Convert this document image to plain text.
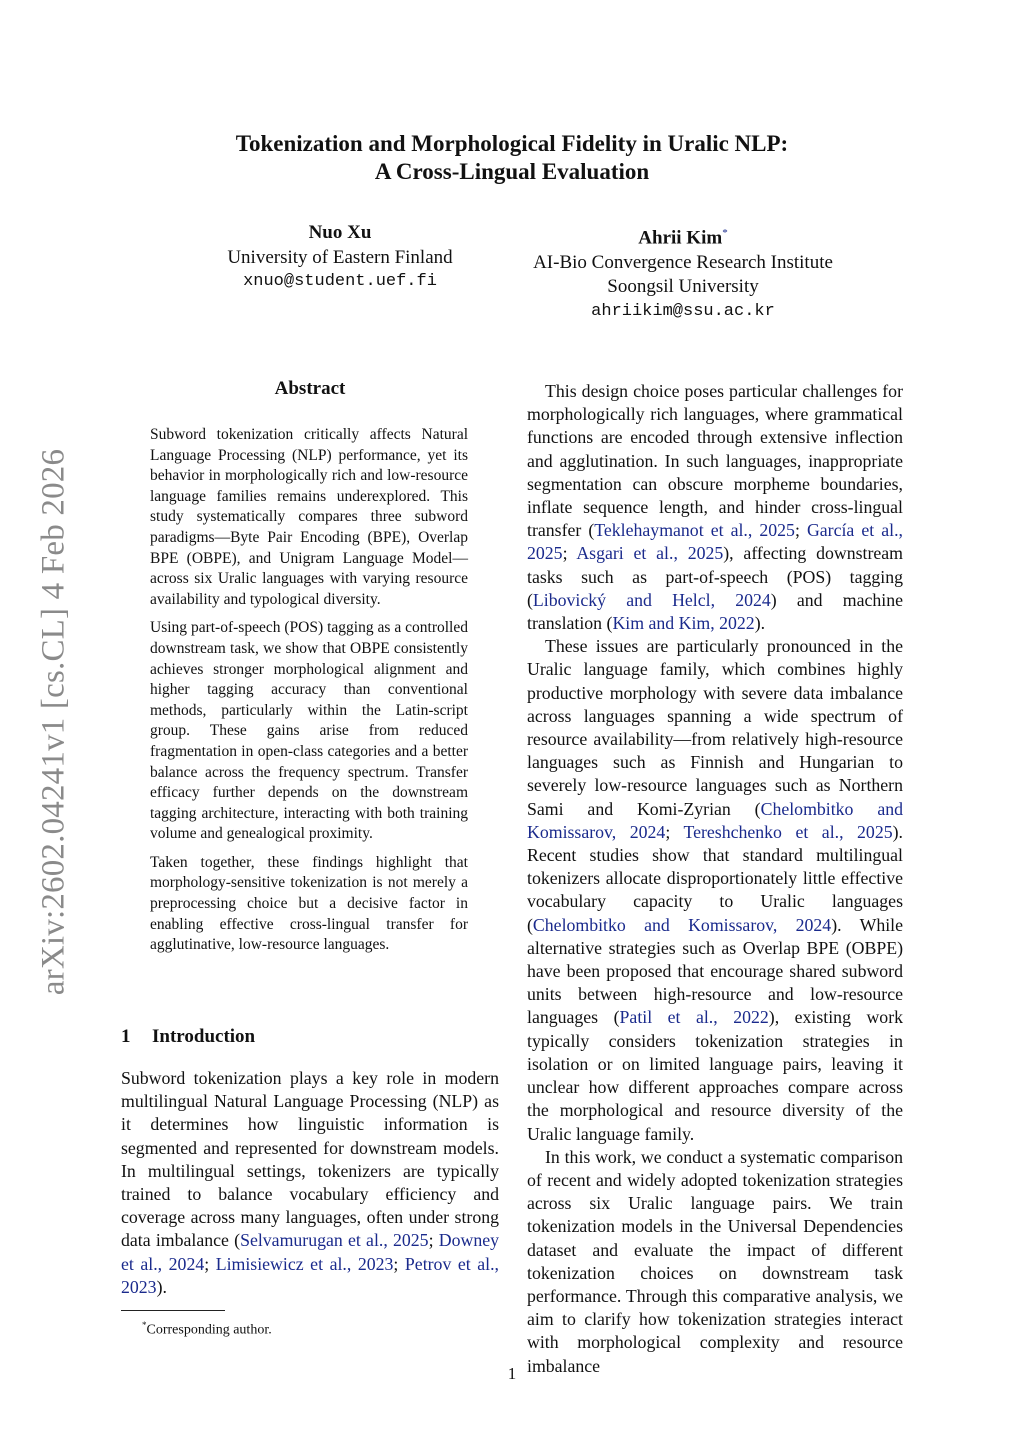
arXiv:2602.04241v1 [cs.CL] 4 Feb 2026
Tokenization and Morphological Fidelity in Uralic NLP:
A Cross-Lingual Evaluation
Nuo Xu
University of Eastern Finland
xnuo@student.uef.fi
Ahrii Kim*
AI-Bio Convergence Research Institute
Soongsil University
ahriikim@ssu.ac.kr
Abstract

Subword tokenization critically affects Natural Language Processing (NLP) performance, yet its behavior in morphologically rich and low-resource language families remains underexplored. This study systematically compares three subword paradigms—Byte Pair Encoding (BPE), Overlap BPE (OBPE), and Unigram Language Model—across six Uralic languages with varying resource availability and typological diversity.

Using part-of-speech (POS) tagging as a controlled downstream task, we show that OBPE consistently achieves stronger morphological alignment and higher tagging accuracy than conventional methods, particularly within the Latin-script group. These gains arise from reduced fragmentation in open-class categories and a better balance across the frequency spectrum. Transfer efficacy further depends on the downstream tagging architecture, interacting with both training volume and genealogical proximity.

Taken together, these findings highlight that morphology-sensitive tokenization is not merely a preprocessing choice but a decisive factor in enabling effective cross-lingual transfer for agglutinative, low-resource languages.

1 Introduction

Subword tokenization plays a key role in modern multilingual Natural Language Processing (NLP) as it determines how linguistic information is segmented and represented for downstream models. In multilingual settings, tokenizers are typically trained to balance vocabulary efficiency and coverage across many languages, often under strong data imbalance (Selvamurugan et al., 2025; Downey et al., 2024; Limisiewicz et al., 2023; Petrov et al., 2023).

This design choice poses particular challenges for morphologically rich languages, where grammatical functions are encoded through extensive inflection and agglutination. In such languages, inappropriate segmentation can obscure morpheme boundaries, inflate sequence length, and hinder cross-lingual transfer (Teklehaymanot et al., 2025; García et al., 2025; Asgari et al., 2025), affecting downstream tasks such as part-of-speech (POS) tagging (Libovický and Helcl, 2024) and machine translation (Kim and Kim, 2022).

These issues are particularly pronounced in the Uralic language family, which combines highly productive morphology with severe data imbalance across languages spanning a wide spectrum of resource availability—from relatively high-resource languages such as Finnish and Hungarian to severely low-resource languages such as Northern Sami and Komi-Zyrian (Chelombitko and Komissarov, 2024; Tereshchenko et al., 2025). Recent studies show that standard multilingual tokenizers allocate disproportionately little effective vocabulary capacity to Uralic languages (Chelombitko and Komissarov, 2024). While alternative strategies such as Overlap BPE (OBPE) have been proposed that encourage shared subword units between high-resource and low-resource languages (Patil et al., 2022), existing work typically considers tokenization strategies in isolation or on limited language pairs, leaving it unclear how different approaches compare across the morphological and resource diversity of the Uralic language family.

In this work, we conduct a systematic comparison of recent and widely adopted tokenization strategies across six Uralic language pairs. We train tokenization models in the Universal Dependencies dataset and evaluate the impact of different tokenization choices on downstream task performance. Through this comparative analysis, we aim to clarify how tokenization strategies interact with morphological complexity and resource imbalance

*Corresponding author.
1
